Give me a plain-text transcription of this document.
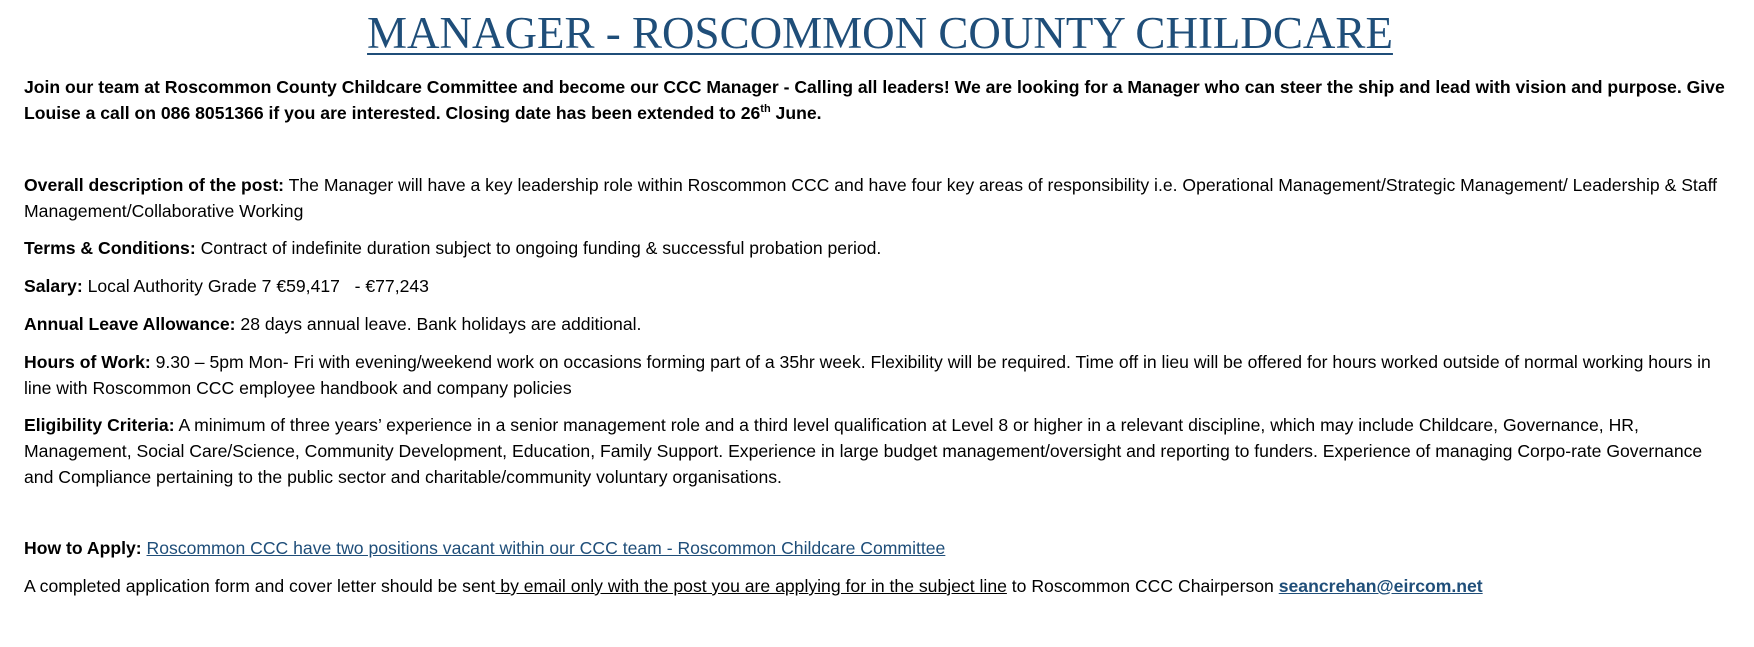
MANAGER - ROSCOMMON COUNTY CHILDCARE

Join our team at Roscommon County Childcare Committee and become our CCC Manager - Calling all leaders! We are looking for a Manager who can steer the ship and lead with vision and purpose. Give Louise a call on 086 8051366 if you are interested. Closing date has been extended to 26th June.

Overall description of the post: The Manager will have a key leadership role within Roscommon CCC and have four key areas of responsibility i.e. Operational Management/Strategic Management/ Leadership & Staff Management/Collaborative Working

Terms & Conditions: Contract of indefinite duration subject to ongoing funding & successful probation period.

Salary: Local Authority Grade 7 €59,417   - €77,243

Annual Leave Allowance: 28 days annual leave. Bank holidays are additional.

Hours of Work: 9.30 – 5pm Mon- Fri with evening/weekend work on occasions forming part of a 35hr week. Flexibility will be required. Time off in lieu will be offered for hours worked outside of normal working hours in line with Roscommon CCC employee handbook and company policies

Eligibility Criteria: A minimum of three years’ experience in a senior management role and a third level qualification at Level 8 or higher in a relevant discipline, which may include Childcare, Governance, HR, Management, Social Care/Science, Community Development, Education, Family Support. Experience in large budget management/oversight and reporting to funders. Experience of managing Corpo-rate Governance and Compliance pertaining to the public sector and charitable/community voluntary organisations.

How to Apply: Roscommon CCC have two positions vacant within our CCC team - Roscommon Childcare Committee

A completed application form and cover letter should be sent by email only with the post you are applying for in the subject line to Roscommon CCC Chairperson seancrehan@eircom.net
